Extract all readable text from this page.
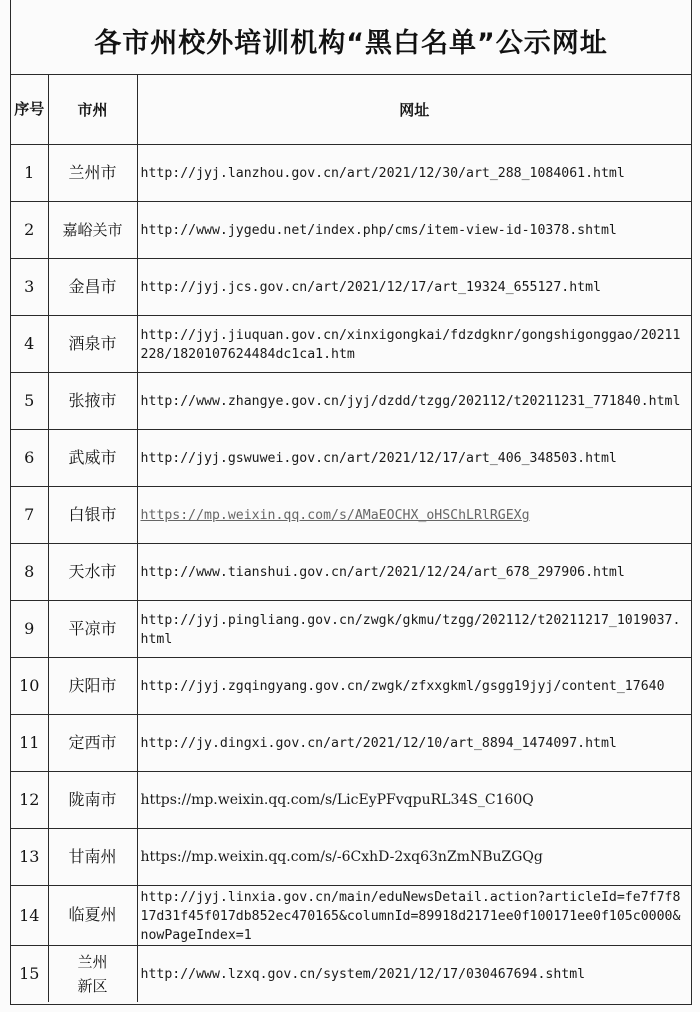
各市州校外培训机构“黑白名单”公示网址
序号	市州	网址
1	兰州市	http://jyj.lanzhou.gov.cn/art/2021/12/30/art_288_1084061.html
2	嘉峪关市	http://www.jygedu.net/index.php/cms/item-view-id-10378.shtml
3	金昌市	http://jyj.jcs.gov.cn/art/2021/12/17/art_19324_655127.html
4	酒泉市	http://jyj.jiuquan.gov.cn/xinxigongkai/fdzdgknr/gongshigonggao/20211228/1820107624484dc1ca1.htm
5	张掖市	http://www.zhangye.gov.cn/jyj/dzdd/tzgg/202112/t20211231_771840.html
6	武威市	http://jyj.gswuwei.gov.cn/art/2021/12/17/art_406_348503.html
7	白银市	https://mp.weixin.qq.com/s/AMaEOCHX_oHSChLRlRGEXg
8	天水市	http://www.tianshui.gov.cn/art/2021/12/24/art_678_297906.html
9	平凉市	http://jyj.pingliang.gov.cn/zwgk/gkmu/tzgg/202112/t20211217_1019037.html
10	庆阳市	http://jyj.zgqingyang.gov.cn/zwgk/zfxxgkml/gsgg19jyj/content_17640
11	定西市	http://jy.dingxi.gov.cn/art/2021/12/10/art_8894_1474097.html
12	陇南市	https://mp.weixin.qq.com/s/LicEyPFvqpuRL34S_C160Q
13	甘南州	https://mp.weixin.qq.com/s/-6CxhD-2xq63nZmNBuZGQg
14	临夏州	http://jyj.linxia.gov.cn/main/eduNewsDetail.action?articleId=fe7f7f817d31f45f017db852ec470165&columnId=89918d2171ee0f100171ee0f105c0000&nowPageIndex=1
15	兰州新区	http://www.lzxq.gov.cn/system/2021/12/17/030467694.shtml
